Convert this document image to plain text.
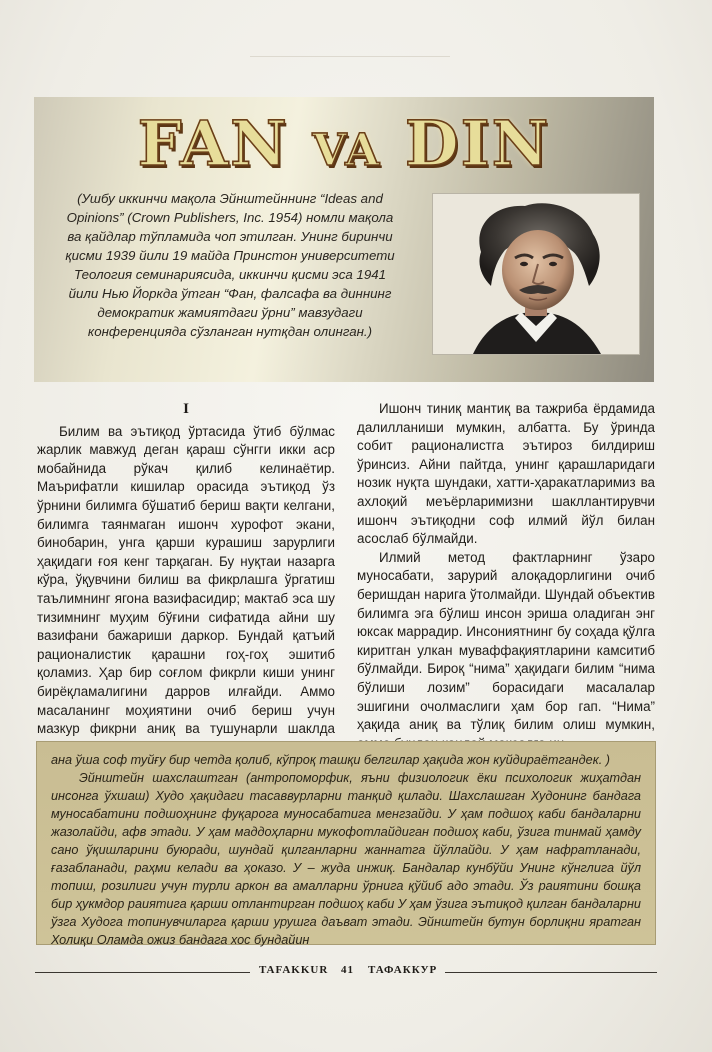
FAN VA DIN
(Ушбу иккинчи мақола Эйнштейннинг “Ideas and Opinions” (Crown Publishers, Inc. 1954) номли мақола ва қайдлар тўпламида чоп этилган. Унинг биринчи қисми 1939 йили 19 майда Принстон университети Теология семинариясида, иккинчи қисми эса 1941 йили Нью Йоркда ўтган “Фан, фалсафа ва диннинг демократик жамиятдаги ўрни” мавзудаги конференцияда сўзланган нутқдан олинган.)

I

Билим ва эътиқод ўртасида ўтиб бўлмас жарлик мавжуд деган қараш сўнгги икки аср мобайнида рўкач қилиб келинаётир. Маърифатли кишилар орасида эътиқод ўз ўрнини билимга бўшатиб бериш вақти келгани, билимга таянмаган ишонч хурофот экани, бинобарин, унга қарши курашиш зарурлиги ҳақидаги ғоя кенг тарқаган. Бу нуқтаи назарга кўра, ўқувчини билиш ва фикрлашга ўргатиш таълимнинг ягона вазифасидир; мактаб эса шу тизимнинг муҳим бўғини сифатида айни шу вазифани бажариши даркор. Бундай қатъий рационалистик қарашни гоҳ-гоҳ эшитиб қоламиз. Ҳар бир соғлом фикрли киши унинг бирёқламалигини дарров илғайди. Аммо масаланинг моҳиятини очиб бериш учун мазкур фикрни аниқ ва тушунарли шаклда

Ишонч тиниқ мантиқ ва тажриба ёрдамида далилланиши мумкин, албатта. Бу ўринда собит рационалистга эътироз билдириш ўринсиз. Айни пайтда, унинг қарашларидаги нозик нуқта шундаки, хатти-ҳаракатларимиз ва ахлоқий меъёрларимизни шакллантирувчи ишонч эътиқодни соф илмий йўл билан асослаб бўлмайди.

Илмий метод фактларнинг ўзаро муносабати, зарурий алоқадорлигини очиб беришдан нарига ўтолмайди. Шундай объектив билимга эга бўлиш инсон эриша оладиган энг юксак маррадир. Инсониятнинг бу соҳада қўлга киритган улкан муваффақиятларини камситиб бўлмайди. Бироқ “нима” ҳақидаги билим “нима бўлиши лозим” борасидаги масалалар эшигини очолмаслиги ҳам бор гап. “Нима” ҳақида аниқ ва тўлиқ билим олиш мумкин,

ана ўша соф туйғу бир четда қолиб, кўпроқ ташқи белгилар ҳақида жон куйдираётгандек. )

Эйнштейн шахслаштган (антропоморфик, яъни физиологик ёки психологик жиҳатдан инсонга ўхшаш) Худо ҳақидаги тасаввурларни танқид қилади. Шахслашган Худонинг бандага муносабатини подшоҳнинг фуқарога муносабатига менгзайди. У ҳам подшоҳ каби бандаларни жазолайди, афв этади. У ҳам маддоҳларни мукофотлайдиган подшоҳ каби, ўзига тинмай ҳамду сано ўқишларини буюради, шундай қилганларни жаннатга йўллайди. У ҳам нафратланади, ғазабланади, раҳми келади ва ҳоказо. У – жуда инжиқ. Бандалар кунбўйи Унинг кўнглига йўл топиш, розилиги учун турли аркон ва амалларни ўрнига қўйиб адо этади. Ўз раиятини бошқа бир ҳукмдор раиятига қарши отлантирган подшоҳ каби У ҳам ўзига эътиқод қилган бандаларни ўзга Худога топинувчиларга қарши урушга даъват этади. Эйнштейн бутун борлиқни яратган Холиқи Оламда ожиз бандага хос бундайин

TAFAKKUR 41 ТАФАККУР
